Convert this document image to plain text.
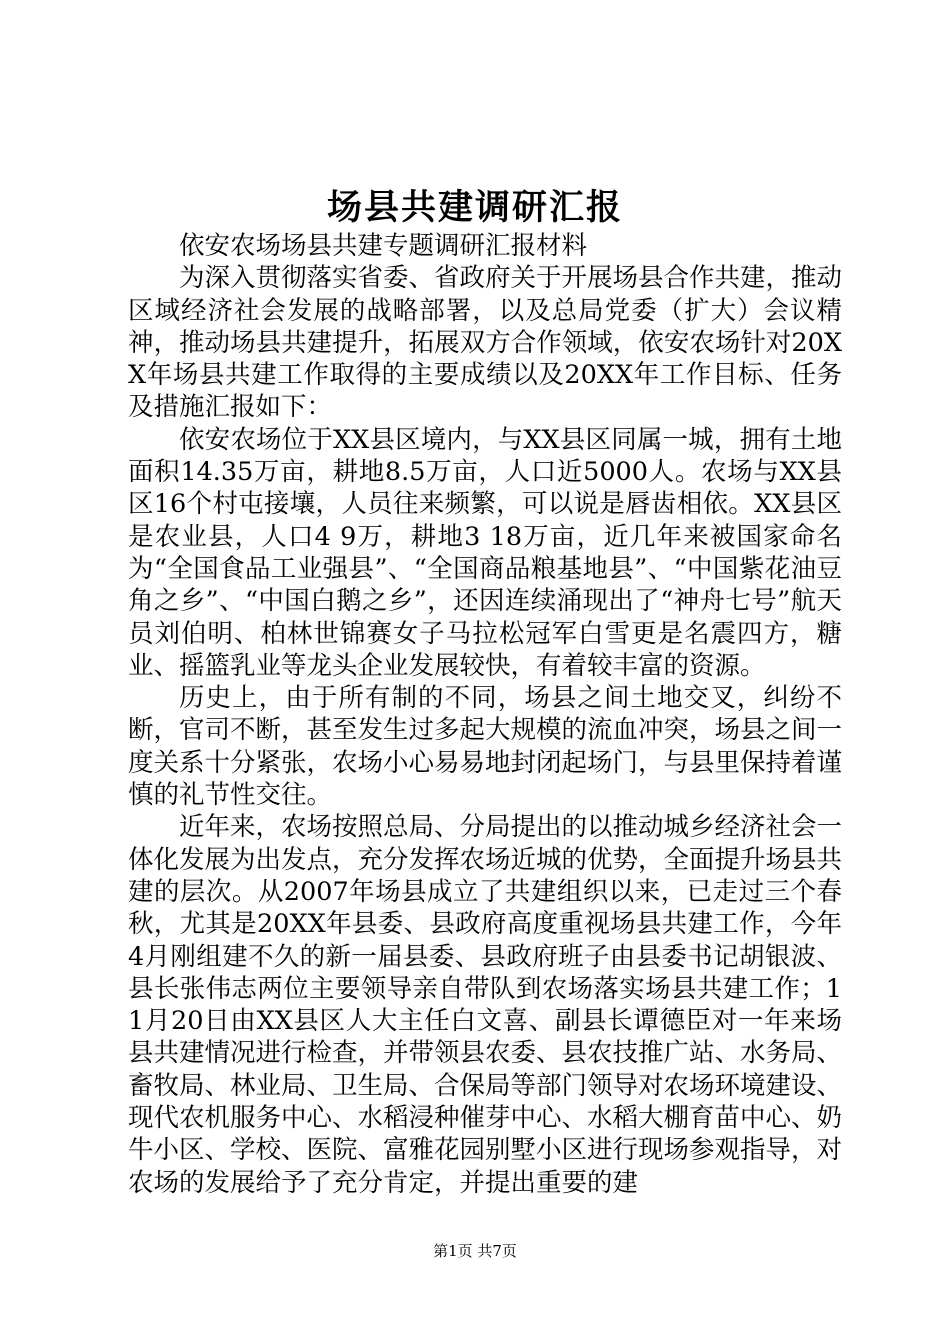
场县共建调研汇报

依安农场场县共建专题调研汇报材料

为深入贯彻落实省委、省政府关于开展场县合作共建，推动区域经济社会发展的战略部署，以及总局党委（扩大）会议精神，推动场县共建提升，拓展双方合作领域，依安农场针对20XX年场县共建工作取得的主要成绩以及20XX年工作目标、任务及措施汇报如下：

依安农场位于XX县区境内，与XX县区同属一城，拥有土地面积14.35万亩，耕地8.5万亩，人口近5000人。农场与XX县区16个村屯接壤，人员往来频繁，可以说是唇齿相依。XX县区是农业县，人口4 9万，耕地3 18万亩，近几年来被国家命名为“全国食品工业强县”、“全国商品粮基地县”、“中国紫花油豆角之乡”、“中国白鹅之乡”，还因连续涌现出了“神舟七号”航天员刘伯明、柏林世锦赛女子马拉松冠军白雪更是名震四方，糖业、摇篮乳业等龙头企业发展较快，有着较丰富的资源。

历史上，由于所有制的不同，场县之间土地交叉，纠纷不断，官司不断，甚至发生过多起大规模的流血冲突，场县之间一度关系十分紧张，农场小心易易地封闭起场门，与县里保持着谨慎的礼节性交往。

近年来，农场按照总局、分局提出的以推动城乡经济社会一体化发展为出发点，充分发挥农场近城的优势，全面提升场县共建的层次。从2007年场县成立了共建组织以来，已走过三个春秋，尤其是20XX年县委、县政府高度重视场县共建工作，今年4月刚组建不久的新一届县委、县政府班子由县委书记胡银波、县长张伟志两位主要领导亲自带队到农场落实场县共建工作；11月20日由XX县区人大主任白文喜、副县长谭德臣对一年来场县共建情况进行检查，并带领县农委、县农技推广站、水务局、畜牧局、林业局、卫生局、合保局等部门领导对农场环境建设、现代农机服务中心、水稻浸种催芽中心、水稻大棚育苗中心、奶牛小区、学校、医院、富雅花园别墅小区进行现场参观指导，对农场的发展给予了充分肯定，并提出重要的建

第1页 共7页
